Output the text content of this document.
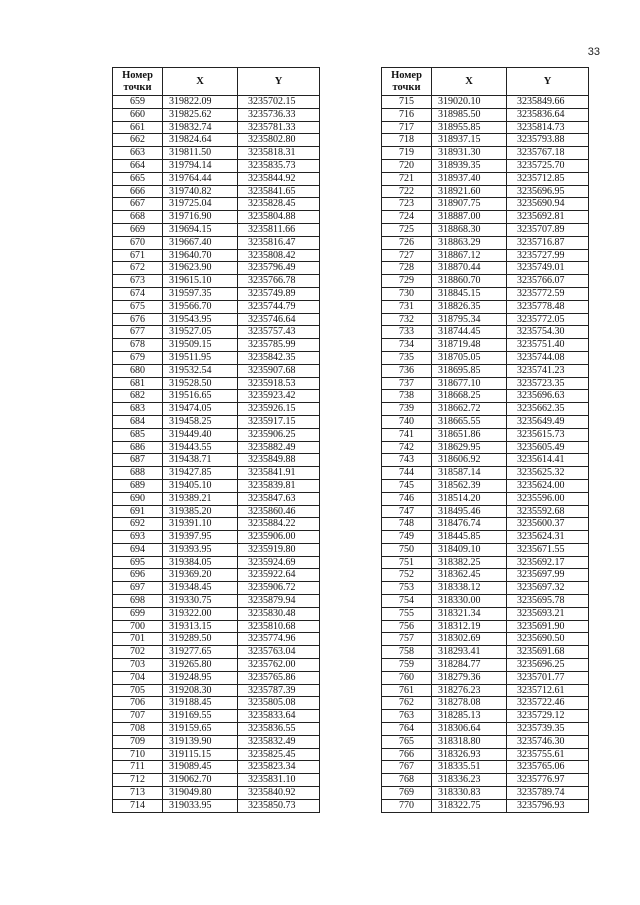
33
Номер
точки	X	Y
659	319822.09	3235702.15
660	319825.62	3235736.33
661	319832.74	3235781.33
662	319824.64	3235802.80
663	319811.50	3235818.31
664	319794.14	3235835.73
665	319764.44	3235844.92
666	319740.82	3235841.65
667	319725.04	3235828.45
668	319716.90	3235804.88
669	319694.15	3235811.66
670	319667.40	3235816.47
671	319640.70	3235808.42
672	319623.90	3235796.49
673	319615.10	3235766.78
674	319597.35	3235749.89
675	319566.70	3235744.79
676	319543.95	3235746.64
677	319527.05	3235757.43
678	319509.15	3235785.99
679	319511.95	3235842.35
680	319532.54	3235907.68
681	319528.50	3235918.53
682	319516.65	3235923.42
683	319474.05	3235926.15
684	319458.25	3235917.15
685	319449.40	3235906.25
686	319443.55	3235882.49
687	319438.71	3235849.88
688	319427.85	3235841.91
689	319405.10	3235839.81
690	319389.21	3235847.63
691	319385.20	3235860.46
692	319391.10	3235884.22
693	319397.95	3235906.00
694	319393.95	3235919.80
695	319384.05	3235924.69
696	319369.20	3235922.64
697	319348.45	3235906.72
698	319330.75	3235879.94
699	319322.00	3235830.48
700	319313.15	3235810.68
701	319289.50	3235774.96
702	319277.65	3235763.04
703	319265.80	3235762.00
704	319248.95	3235765.86
705	319208.30	3235787.39
706	319188.45	3235805.08
707	319169.55	3235833.64
708	319159.65	3235836.55
709	319139.90	3235832.49
710	319115.15	3235825.45
711	319089.45	3235823.34
712	319062.70	3235831.10
713	319049.80	3235840.92
714	319033.95	3235850.73
Номер
точки	X	Y
715	319020.10	3235849.66
716	318985.50	3235836.64
717	318955.85	3235814.73
718	318937.15	3235793.88
719	318931.30	3235767.18
720	318939.35	3235725.70
721	318937.40	3235712.85
722	318921.60	3235696.95
723	318907.75	3235690.94
724	318887.00	3235692.81
725	318868.30	3235707.89
726	318863.29	3235716.87
727	318867.12	3235727.99
728	318870.44	3235749.01
729	318860.70	3235766.07
730	318845.15	3235772.59
731	318826.35	3235778.48
732	318795.34	3235772.05
733	318744.45	3235754.30
734	318719.48	3235751.40
735	318705.05	3235744.08
736	318695.85	3235741.23
737	318677.10	3235723.35
738	318668.25	3235696.63
739	318662.72	3235662.35
740	318665.55	3235649.49
741	318651.86	3235615.73
742	318629.95	3235605.49
743	318606.92	3235614.41
744	318587.14	3235625.32
745	318562.39	3235624.00
746	318514.20	3235596.00
747	318495.46	3235592.68
748	318476.74	3235600.37
749	318445.85	3235624.31
750	318409.10	3235671.55
751	318382.25	3235692.17
752	318362.45	3235697.99
753	318338.12	3235697.32
754	318330.00	3235695.78
755	318321.34	3235693.21
756	318312.19	3235691.90
757	318302.69	3235690.50
758	318293.41	3235691.68
759	318284.77	3235696.25
760	318279.36	3235701.77
761	318276.23	3235712.61
762	318278.08	3235722.46
763	318285.13	3235729.12
764	318306.64	3235739.35
765	318318.80	3235746.30
766	318326.93	3235755.61
767	318335.51	3235765.06
768	318336.23	3235776.97
769	318330.83	3235789.74
770	318322.75	3235796.93
